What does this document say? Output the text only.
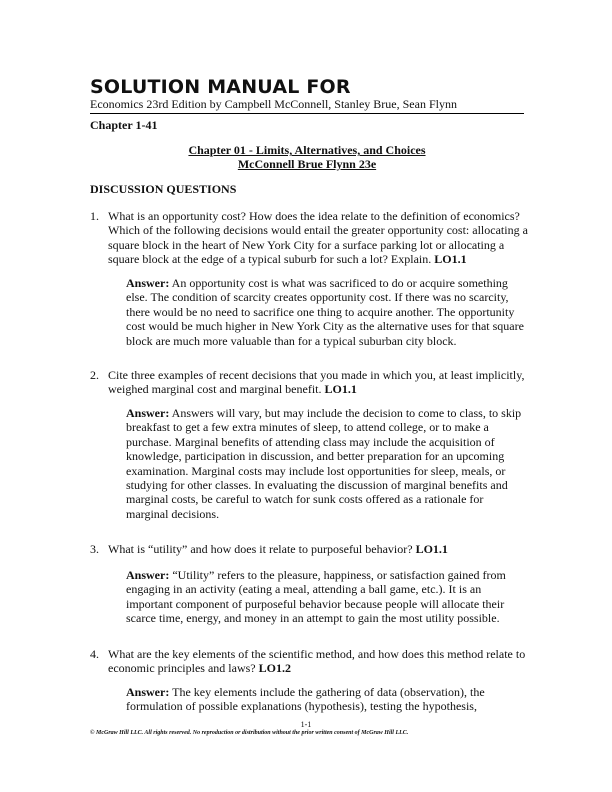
SOLUTION MANUAL FOR
Economics 23rd Edition by Campbell McConnell, Stanley Brue, Sean Flynn
Chapter 1-41
Chapter 01 - Limits, Alternatives, and Choices
McConnell Brue Flynn 23e
DISCUSSION QUESTIONS
1. What is an opportunity cost? How does the idea relate to the definition of economics? Which of the following decisions would entail the greater opportunity cost: allocating a square block in the heart of New York City for a surface parking lot or allocating a square block at the edge of a typical suburb for such a lot? Explain. LO1.1
Answer: An opportunity cost is what was sacrificed to do or acquire something else. The condition of scarcity creates opportunity cost. If there was no scarcity, there would be no need to sacrifice one thing to acquire another. The opportunity cost would be much higher in New York City as the alternative uses for that square block are much more valuable than for a typical suburban city block.
2. Cite three examples of recent decisions that you made in which you, at least implicitly, weighed marginal cost and marginal benefit. LO1.1
Answer: Answers will vary, but may include the decision to come to class, to skip breakfast to get a few extra minutes of sleep, to attend college, or to make a purchase. Marginal benefits of attending class may include the acquisition of knowledge, participation in discussion, and better preparation for an upcoming examination. Marginal costs may include lost opportunities for sleep, meals, or studying for other classes. In evaluating the discussion of marginal benefits and marginal costs, be careful to watch for sunk costs offered as a rationale for marginal decisions.
3. What is “utility” and how does it relate to purposeful behavior? LO1.1
Answer: “Utility” refers to the pleasure, happiness, or satisfaction gained from engaging in an activity (eating a meal, attending a ball game, etc.). It is an important component of purposeful behavior because people will allocate their scarce time, energy, and money in an attempt to gain the most utility possible.
4. What are the key elements of the scientific method, and how does this method relate to economic principles and laws? LO1.2
Answer: The key elements include the gathering of data (observation), the formulation of possible explanations (hypothesis), testing the hypothesis,
1-1
© McGraw Hill LLC. All rights reserved. No reproduction or distribution without the prior written consent of McGraw Hill LLC.
